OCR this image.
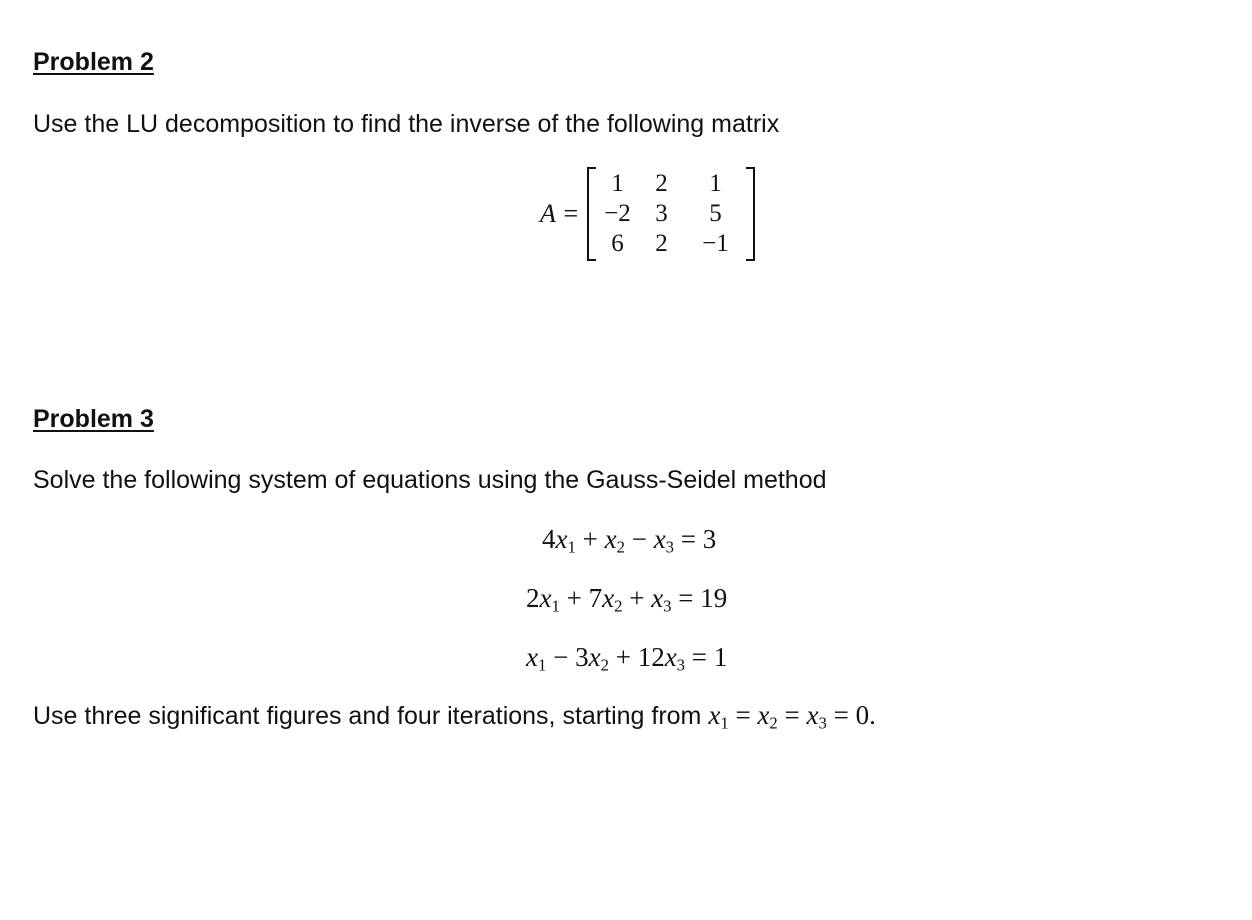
Problem 2

Use the LU decomposition to find the inverse of the following matrix

A =
1 2 1
−2 3 5
6 2 −1
Problem 3

Solve the following system of equations using the Gauss-Seidel method

$4x_1 + x_2 - x_3 = 3$
$2x_1 + 7x_2 + x_3 = 19$
$x_1 - 3x_2 + 12x_3 = 1$

Use three significant figures and four iterations, starting from $x_1 = x_2 = x_3 = 0$.
